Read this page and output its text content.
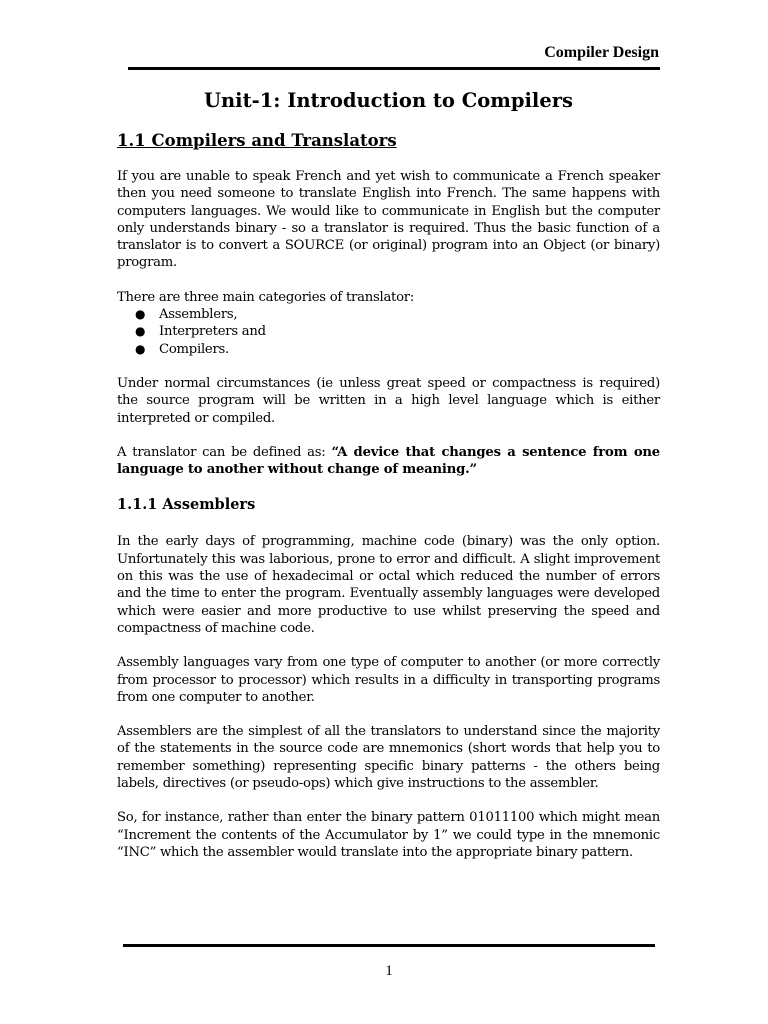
Compiler Design
Unit-1: Introduction to Compilers
1.1 Compilers and Translators

If you are unable to speak French and yet wish to communicate a French speaker then you need someone to translate English into French. The same happens with computers languages. We would like to communicate in English but the computer only understands binary - so a translator is required. Thus the basic function of a translator is to convert a SOURCE (or original) program into an Object (or binary) program.

There are three main categories of translator:

● Assemblers,
● Interpreters and
● Compilers.

Under normal circumstances (ie unless great speed or compactness is required) the source program will be written in a high level language which is either interpreted or compiled.

A translator can be defined as: “A device that changes a sentence from one language to another without change of meaning.”

1.1.1 Assemblers

In the early days of programming, machine code (binary) was the only option. Unfortunately this was laborious, prone to error and difficult. A slight improvement on this was the use of hexadecimal or octal which reduced the number of errors and the time to enter the program. Eventually assembly languages were developed which were easier and more productive to use whilst preserving the speed and compactness of machine code.

Assembly languages vary from one type of computer to another (or more correctly from processor to processor) which results in a difficulty in transporting programs from one computer to another.

Assemblers are the simplest of all the translators to understand since the majority of the statements in the source code are mnemonics (short words that help you to remember something) representing specific binary patterns - the others being labels, directives (or pseudo-ops) which give instructions to the assembler.

So, for instance, rather than enter the binary pattern 01011100 which might mean “Increment the contents of the Accumulator by 1” we could type in the mnemonic “INC” which the assembler would translate into the appropriate binary pattern.

1
